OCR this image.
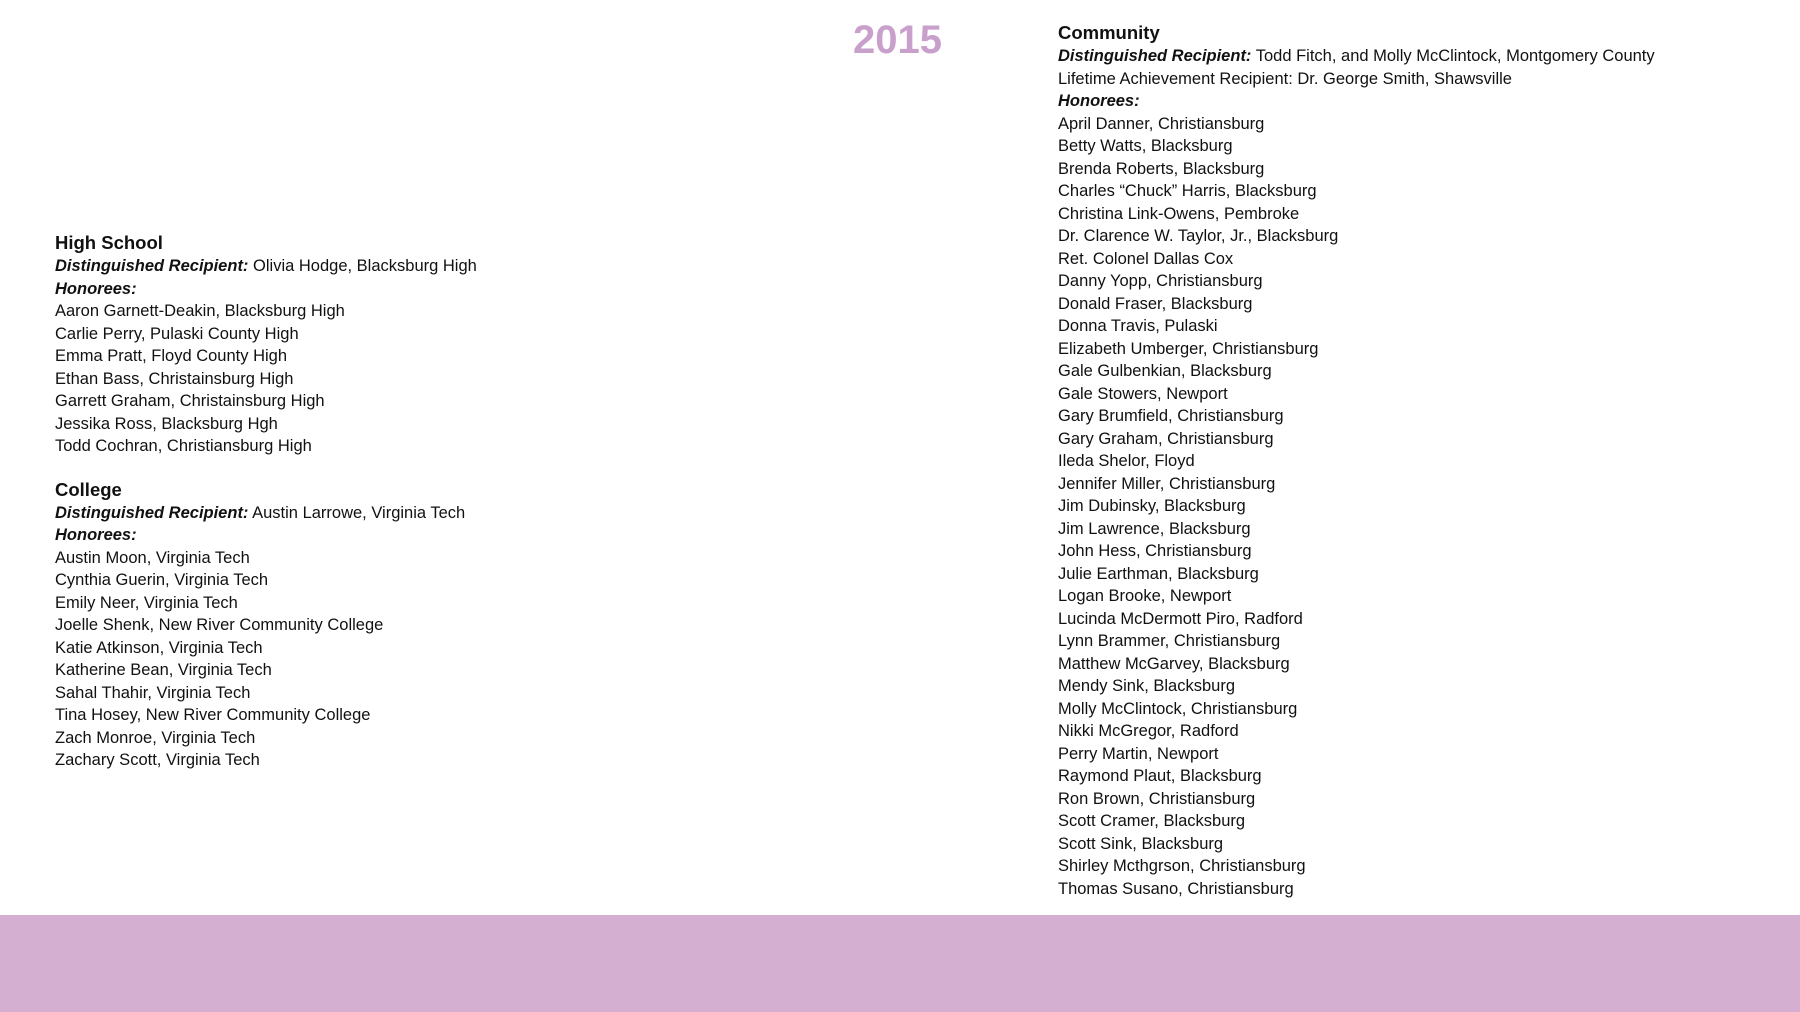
2015
High School
Distinguished Recipient: Olivia Hodge, Blacksburg High
Honorees:
Aaron Garnett-Deakin, Blacksburg High
Carlie Perry, Pulaski County High
Emma Pratt, Floyd County High
Ethan Bass, Christainsburg High
Garrett Graham, Christainsburg High
Jessika Ross, Blacksburg Hgh
Todd Cochran, Christiansburg High
College
Distinguished Recipient: Austin Larrowe, Virginia Tech
Honorees:
Austin Moon, Virginia Tech
Cynthia Guerin, Virginia Tech
Emily Neer, Virginia Tech
Joelle Shenk, New River Community College
Katie Atkinson, Virginia Tech
Katherine Bean, Virginia Tech
Sahal Thahir, Virginia Tech
Tina Hosey, New River Community College
Zach Monroe, Virginia Tech
Zachary Scott, Virginia Tech
Community
Distinguished Recipient: Todd Fitch, and Molly McClintock, Montgomery County
Lifetime Achievement Recipient: Dr. George Smith, Shawsville
Honorees:
April Danner, Christiansburg
Betty Watts, Blacksburg
Brenda Roberts, Blacksburg
Charles “Chuck” Harris, Blacksburg
Christina Link-Owens, Pembroke
Dr. Clarence W. Taylor, Jr., Blacksburg
Ret. Colonel Dallas Cox
Danny Yopp, Christiansburg
Donald Fraser, Blacksburg
Donna Travis, Pulaski
Elizabeth Umberger, Christiansburg
Gale Gulbenkian, Blacksburg
Gale Stowers, Newport
Gary Brumfield, Christiansburg
Gary Graham, Christiansburg
Ileda Shelor, Floyd
Jennifer Miller, Christiansburg
Jim Dubinsky, Blacksburg
Jim Lawrence, Blacksburg
John Hess, Christiansburg
Julie Earthman, Blacksburg
Logan Brooke, Newport
Lucinda McDermott Piro, Radford
Lynn Brammer, Christiansburg
Matthew McGarvey, Blacksburg
Mendy Sink, Blacksburg
Molly McClintock, Christiansburg
Nikki McGregor, Radford
Perry Martin, Newport
Raymond Plaut, Blacksburg
Ron Brown, Christiansburg
Scott Cramer, Blacksburg
Scott Sink, Blacksburg
Shirley Mcthgrson, Christiansburg
Thomas Susano, Christiansburg
